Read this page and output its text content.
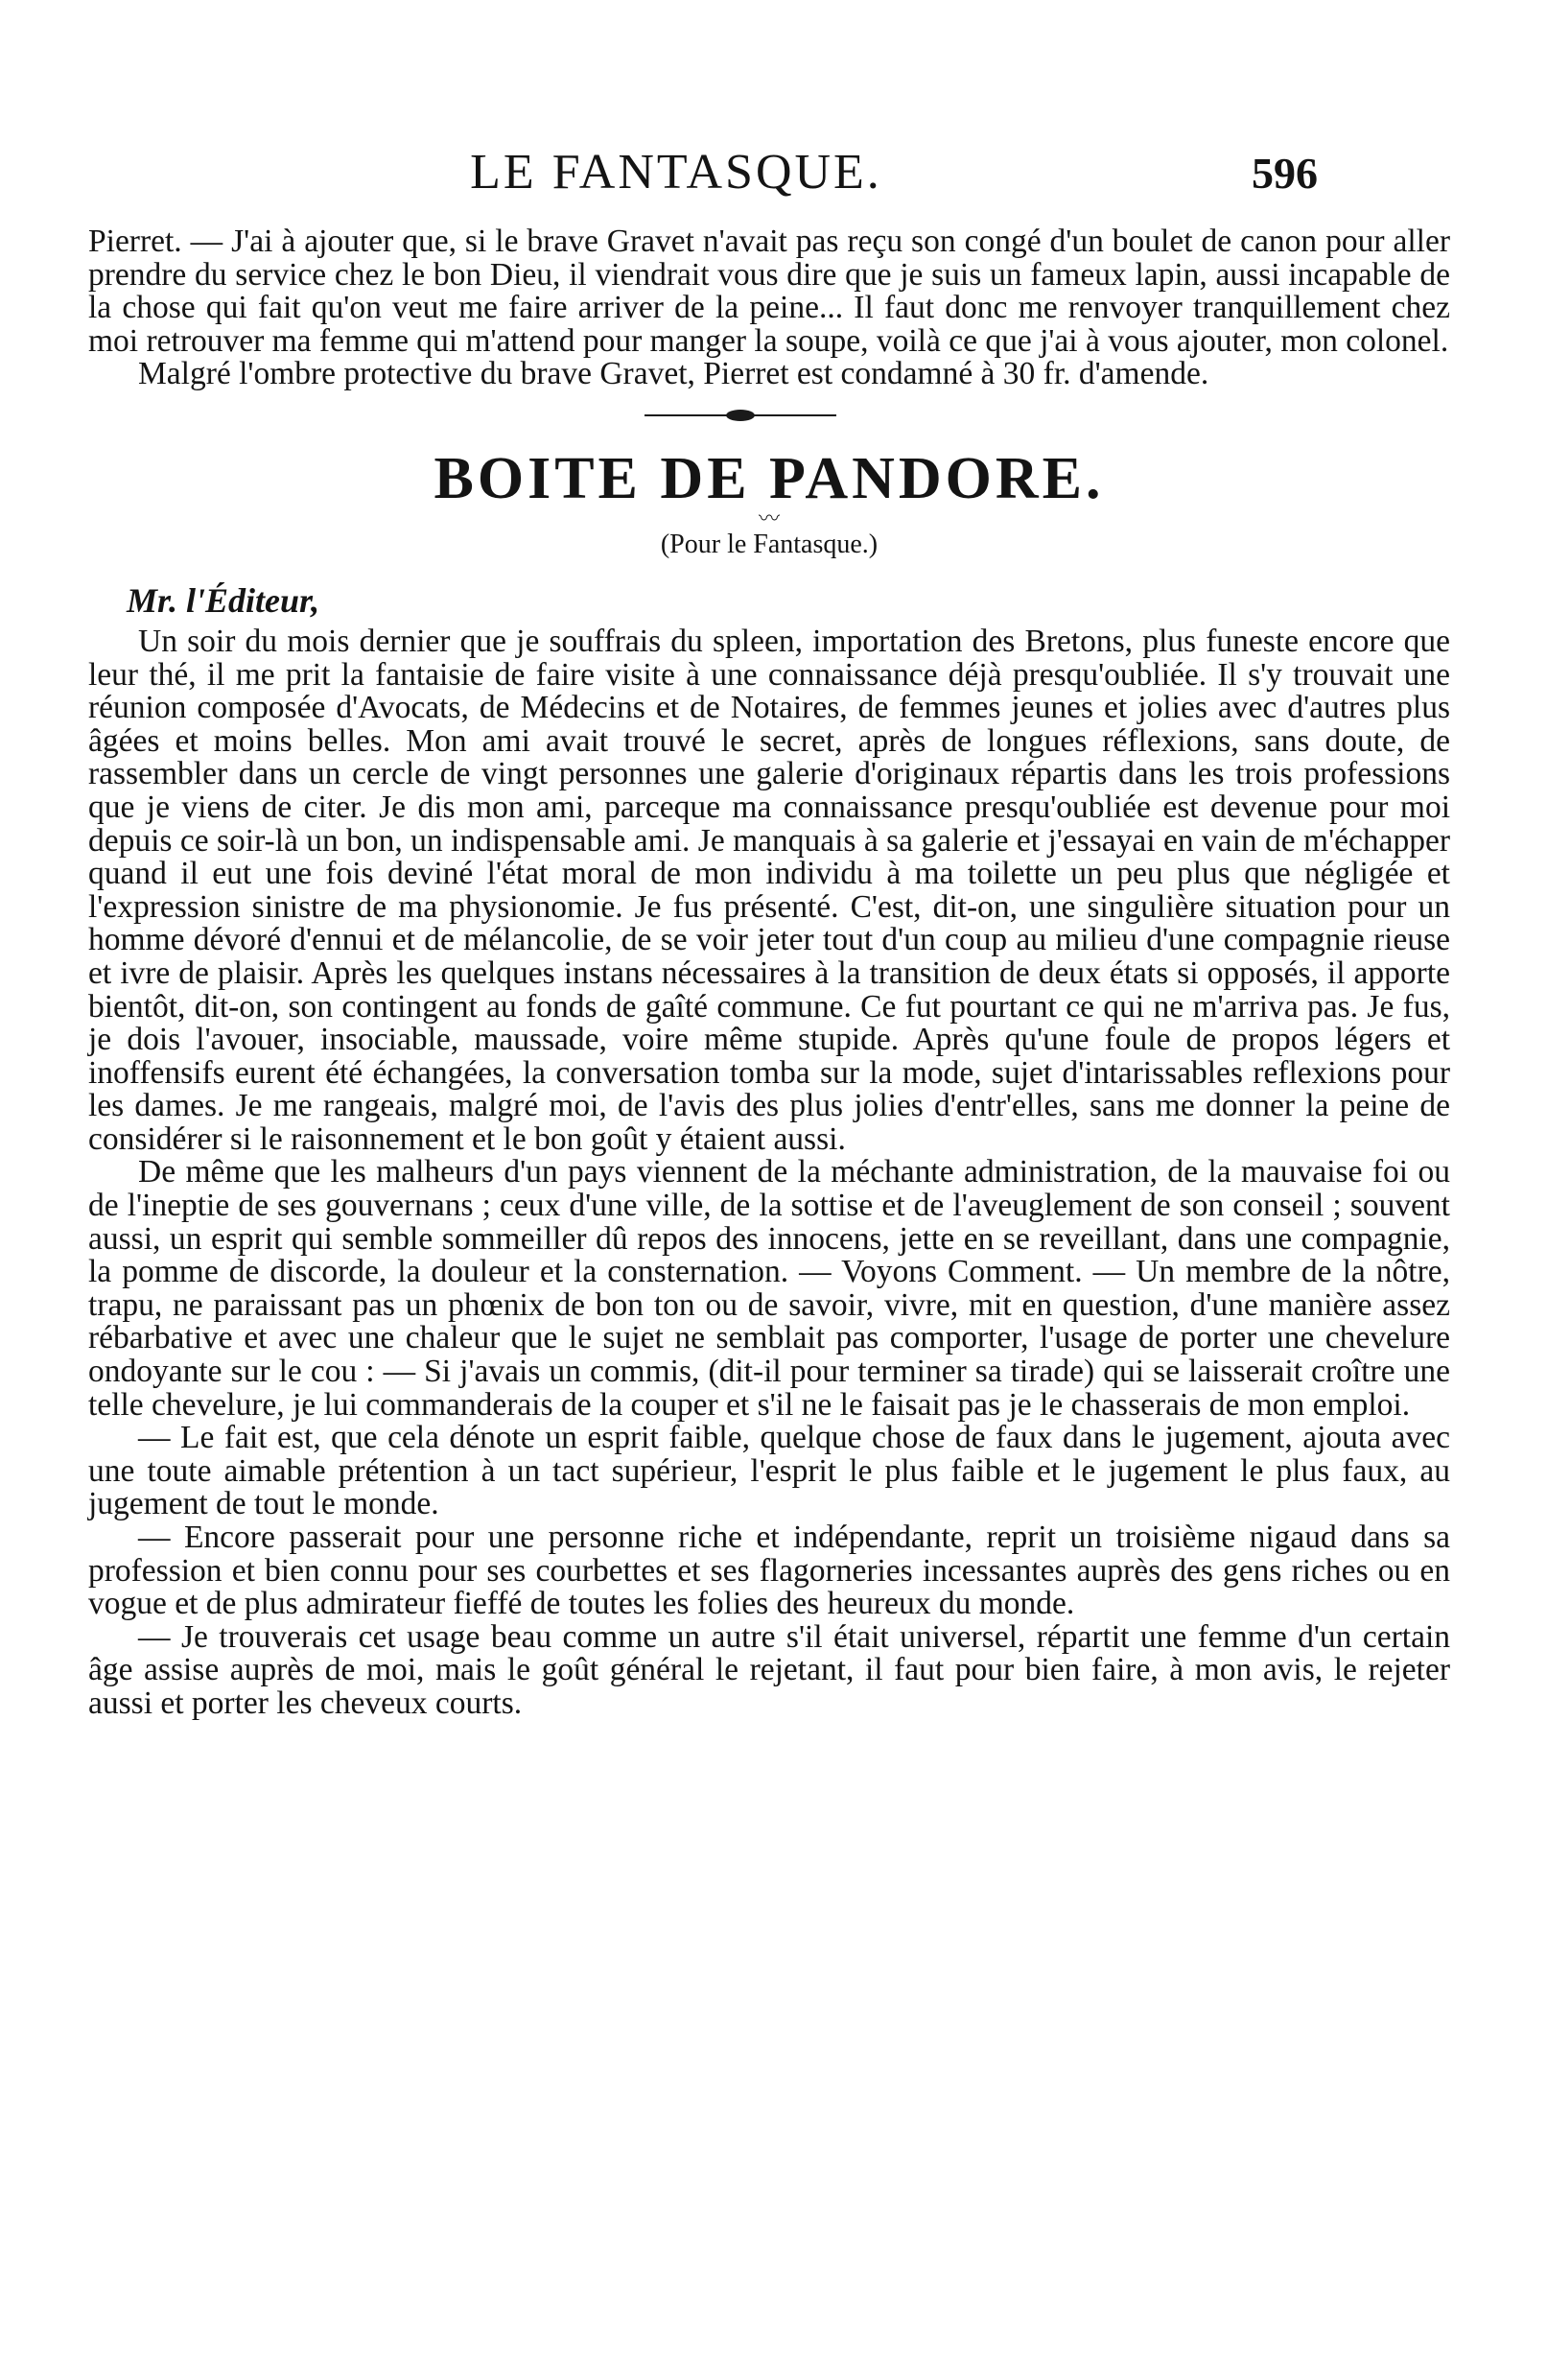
LE FANTASQUE.	596

Pierret. — J'ai à ajouter que, si le brave Gravet n'avait pas reçu son congé d'un boulet de canon pour aller prendre du service chez le bon Dieu, il viendrait vous dire que je suis un fameux lapin, aussi incapable de la chose qui fait qu'on veut me faire arriver de la peine... Il faut donc me renvoyer tranquillement chez moi retrouver ma femme qui m'attend pour manger la soupe, voilà ce que j'ai à vous ajouter, mon colonel.

Malgré l'ombre protective du brave Gravet, Pierret est condamné à 30 fr. d'amende.

BOITE DE PANDORE.
〰
(Pour le Fantasque.)
Mr. l'Éditeur,

Un soir du mois dernier que je souffrais du spleen, importation des Bretons, plus funeste encore que leur thé, il me prit la fantaisie de faire visite à une connaissance déjà presqu'oubliée. Il s'y trouvait une réunion composée d'Avocats, de Médecins et de Notaires, de femmes jeunes et jolies avec d'autres plus âgées et moins belles. Mon ami avait trouvé le secret, après de longues réflexions, sans doute, de rassembler dans un cercle de vingt personnes une galerie d'originaux répartis dans les trois professions que je viens de citer. Je dis mon ami, parceque ma connaissance presqu'oubliée est devenue pour moi depuis ce soir-là un bon, un indispensable ami. Je manquais à sa galerie et j'essayai en vain de m'échapper quand il eut une fois deviné l'état moral de mon individu à ma toilette un peu plus que négligée et l'expression sinistre de ma physionomie. Je fus présenté. C'est, dit-on, une singulière situation pour un homme dévoré d'ennui et de mélancolie, de se voir jeter tout d'un coup au milieu d'une compagnie rieuse et ivre de plaisir. Après les quelques instans nécessaires à la transition de deux états si opposés, il apporte bientôt, dit-on, son contingent au fonds de gaîté commune. Ce fut pourtant ce qui ne m'arriva pas. Je fus, je dois l'avouer, insociable, maussade, voire même stupide. Après qu'une foule de propos légers et inoffensifs eurent été échangées, la conversation tomba sur la mode, sujet d'intarissables reflexions pour les dames. Je me rangeais, malgré moi, de l'avis des plus jolies d'entr'elles, sans me donner la peine de considérer si le raisonnement et le bon goût y étaient aussi.

De même que les malheurs d'un pays viennent de la méchante administration, de la mauvaise foi ou de l'ineptie de ses gouvernans ; ceux d'une ville, de la sottise et de l'aveuglement de son conseil ; souvent aussi, un esprit qui semble sommeiller dû repos des innocens, jette en se reveillant, dans une compagnie, la pomme de discorde, la douleur et la consternation. — Voyons Comment. — Un membre de la nôtre, trapu, ne paraissant pas un phœnix de bon ton ou de savoir, vivre, mit en question, d'une manière assez rébarbative et avec une chaleur que le sujet ne semblait pas comporter, l'usage de porter une chevelure ondoyante sur le cou : — Si j'avais un commis, (dit-il pour terminer sa tirade) qui se laisserait croître une telle chevelure, je lui commanderais de la couper et s'il ne le faisait pas je le chasserais de mon emploi.

— Le fait est, que cela dénote un esprit faible, quelque chose de faux dans le jugement, ajouta avec une toute aimable prétention à un tact supérieur, l'esprit le plus faible et le jugement le plus faux, au jugement de tout le monde.

— Encore passerait pour une personne riche et indépendante, reprit un troisième nigaud dans sa profession et bien connu pour ses courbettes et ses flagorneries incessantes auprès des gens riches ou en vogue et de plus admirateur fieffé de toutes les folies des heureux du monde.

— Je trouverais cet usage beau comme un autre s'il était universel, répartit une femme d'un certain âge assise auprès de moi, mais le goût général le rejetant, il faut pour bien faire, à mon avis, le rejeter aussi et porter les cheveux courts.
